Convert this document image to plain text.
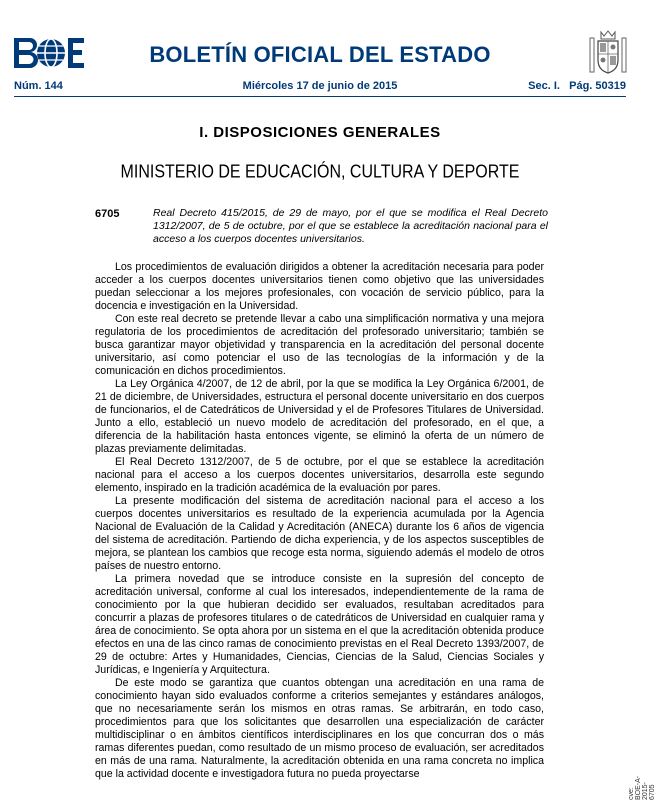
BOLETÍN OFICIAL DEL ESTADO
Núm. 144	Miércoles 17 de junio de 2015	Sec. I.   Pág. 50319
I. DISPOSICIONES GENERALES
MINISTERIO DE EDUCACIÓN, CULTURA Y DEPORTE
6705	Real Decreto 415/2015, de 29 de mayo, por el que se modifica el Real Decreto 1312/2007, de 5 de octubre, por el que se establece la acreditación nacional para el acceso a los cuerpos docentes universitarios.

Los procedimientos de evaluación dirigidos a obtener la acreditación necesaria para poder acceder a los cuerpos docentes universitarios tienen como objetivo que las universidades puedan seleccionar a los mejores profesionales, con vocación de servicio público, para la docencia e investigación en la Universidad.

Con este real decreto se pretende llevar a cabo una simplificación normativa y una mejora regulatoria de los procedimientos de acreditación del profesorado universitario; también se busca garantizar mayor objetividad y transparencia en la acreditación del personal docente universitario, así como potenciar el uso de las tecnologías de la información y de la comunicación en dichos procedimientos.

La Ley Orgánica 4/2007, de 12 de abril, por la que se modifica la Ley Orgánica 6/2001, de 21 de diciembre, de Universidades, estructura el personal docente universitario en dos cuerpos de funcionarios, el de Catedráticos de Universidad y el de Profesores Titulares de Universidad. Junto a ello, estableció un nuevo modelo de acreditación del profesorado, en el que, a diferencia de la habilitación hasta entonces vigente, se eliminó la oferta de un número de plazas previamente delimitadas.

El Real Decreto 1312/2007, de 5 de octubre, por el que se establece la acreditación nacional para el acceso a los cuerpos docentes universitarios, desarrolla este segundo elemento, inspirado en la tradición académica de la evaluación por pares.

La presente modificación del sistema de acreditación nacional para el acceso a los cuerpos docentes universitarios es resultado de la experiencia acumulada por la Agencia Nacional de Evaluación de la Calidad y Acreditación (ANECA) durante los 6 años de vigencia del sistema de acreditación. Partiendo de dicha experiencia, y de los aspectos susceptibles de mejora, se plantean los cambios que recoge esta norma, siguiendo además el modelo de otros países de nuestro entorno.

La primera novedad que se introduce consiste en la supresión del concepto de acreditación universal, conforme al cual los interesados, independientemente de la rama de conocimiento por la que hubieran decidido ser evaluados, resultaban acreditados para concurrir a plazas de profesores titulares o de catedráticos de Universidad en cualquier rama y área de conocimiento. Se opta ahora por un sistema en el que la acreditación obtenida produce efectos en una de las cinco ramas de conocimiento previstas en el Real Decreto 1393/2007, de 29 de octubre: Artes y Humanidades, Ciencias, Ciencias de la Salud, Ciencias Sociales y Jurídicas, e Ingeniería y Arquitectura.

De este modo se garantiza que cuantos obtengan una acreditación en una rama de conocimiento hayan sido evaluados conforme a criterios semejantes y estándares análogos, que no necesariamente serán los mismos en otras ramas. Se arbitrarán, en todo caso, procedimientos para que los solicitantes que desarrollen una especialización de carácter multidisciplinar o en ámbitos científicos interdisciplinares en los que concurran dos o más ramas diferentes puedan, como resultado de un mismo proceso de evaluación, ser acreditados en más de una rama. Naturalmente, la acreditación obtenida en una rama concreta no implica que la actividad docente e investigadora futura no pueda proyectarse

cve: BOE-A-2015-6705
